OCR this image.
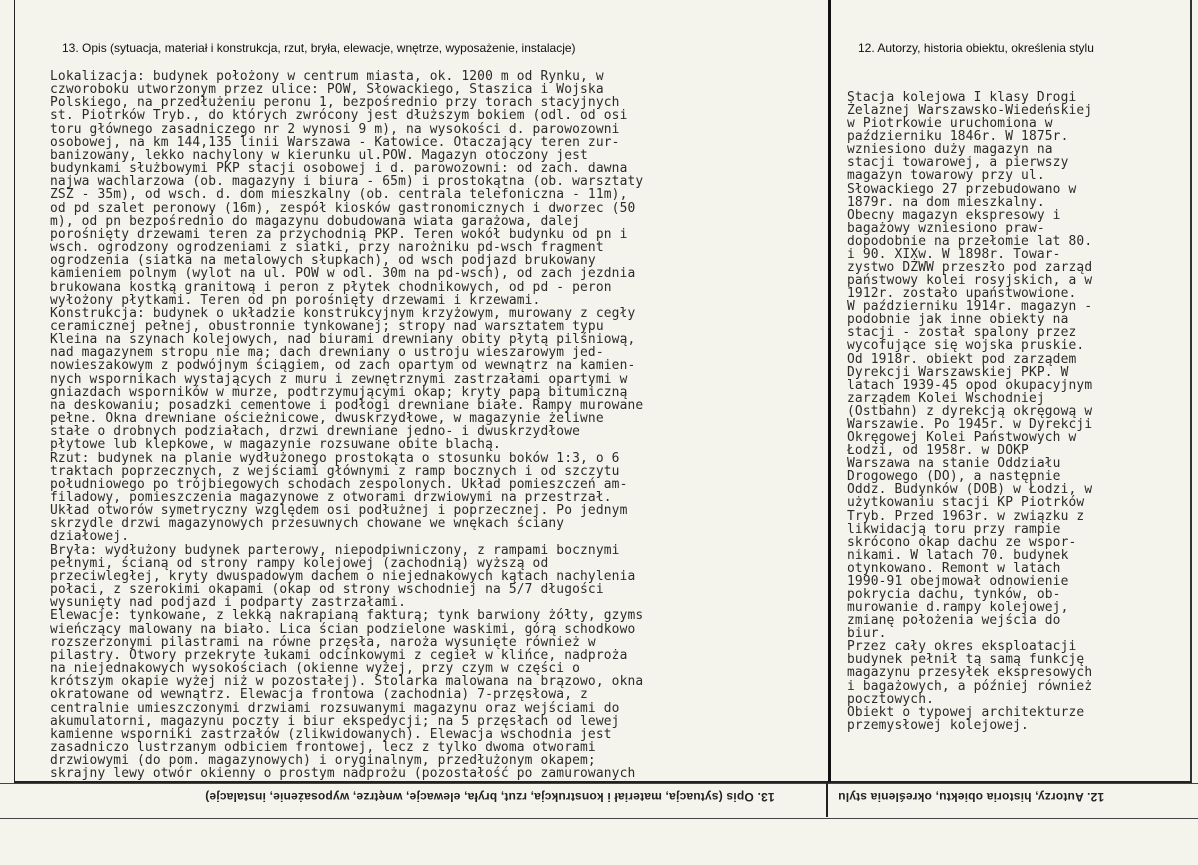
13. Opis (sytuacja, materiał i konstrukcja, rzut, bryła, elewacje, wnętrze, wyposażenie, instalacje)	12. Autorzy, historia obiektu, określenia stylu
Lokalizacja: budynek położony w centrum miasta, ok. 1200 m od Rynku, w
czworoboku utworzonym przez ulice: POW, Słowackiego, Staszica i Wojska
Polskiego, na przedłużeniu peronu 1, bezpośrednio przy torach stacyjnych
st. Piotrków Tryb., do których zwrócony jest dłuższym bokiem (odl. od osi
toru głównego zasadniczego nr 2 wynosi 9 m), na wysokości d. parowozowni
osobowej, na km 144,135 linii Warszawa - Katowice. Otaczający teren zur-
banizowany, lekko nachylony w kierunku ul.POW. Magazyn otoczony jest
budynkami służbowymi PKP stacji osobowej i d. parowozowni: od zach. dawna
najwa wachlarzowa (ob. magazyny i biura - 65m) i prostokątna (ob. warsztaty
ZSZ - 35m), od wsch. d. dom mieszkalny (ob. centrala telefoniczna - 11m),
od pd szalet peronowy (16m), zespół kiosków gastronomicznych i dworzec (50
m), od pn bezpośrednio do magazynu dobudowana wiata garażowa, dalej
porośnięty drzewami teren za przychodnią PKP. Teren wokół budynku od pn i
wsch. ogrodzony ogrodzeniami z siatki, przy narożniku pd-wsch fragment
ogrodzenia (siatka na metalowych słupkach), od wsch podjazd brukowany
kamieniem polnym (wylot na ul. POW w odl. 30m na pd-wsch), od zach jezdnia
brukowana kostką granitową i peron z płytek chodnikowych, od pd - peron
wyłożony płytkami. Teren od pn porośnięty drzewami i krzewami.
Konstrukcja: budynek o układzie konstrukcyjnym krzyżowym, murowany z cegły
ceramicznej pełnej, obustronnie tynkowanej; stropy nad warsztatem typu
Kleina na szynach kolejowych, nad biurami drewniany obity płytą pilśniową,
nad magazynem stropu nie ma; dach drewniany o ustroju wieszarowym jed-
nowieszakowym z podwójnym ściągiem, od zach opartym od wewnątrz na kamien-
nych wspornikach wystających z muru i zewnętrznymi zastrzałami opartymi w
gniazdach wsporników w murze, podtrzymującymi okap; kryty papą bitumiczną
na deskowaniu; posadzki cementowe i podłogi drewniane białe. Rampy murowane
pełne. Okna drewniane ościeżnicowe, dwuskrzydłowe, w magazynie żeliwne
stałe o drobnych podziałach, drzwi drewniane jedno- i dwuskrzydłowe
płytowe lub klepkowe, w magazynie rozsuwane obite blachą.
Rzut: budynek na planie wydłużonego prostokąta o stosunku boków 1:3, o 6
traktach poprzecznych, z wejściami głównymi z ramp bocznych i od szczytu
południowego po trójbiegowych schodach zespolonych. Układ pomieszczeń am-
filadowy, pomieszczenia magazynowe z otworami drzwiowymi na przestrzał.
Układ otworów symetryczny względem osi podłużnej i poprzecznej. Po jednym
skrzydle drzwi magazynowych przesuwnych chowane we wnękach ściany
działowej.
Bryła: wydłużony budynek parterowy, niepodpiwniczony, z rampami bocznymi
pełnymi, ścianą od strony rampy kolejowej (zachodnią) wyższą od
przeciwległej, kryty dwuspadowym dachem o niejednakowych kątach nachylenia
połaci, z szerokimi okapami (okap od strony wschodniej na 5/7 długości
wysunięty nad podjazd i podparty zastrzałami.
Elewacje: tynkowane, z lekką nakrapianą fakturą; tynk barwiony żółty, gzyms
wieńczący malowany na biało. Lica ścian podzielone waskimi, górą schodkowo
rozszerzonymi pilastrami na równe przęsła, naroża wysunięte również w
pilastry. Otwory przekryte łukami odcinkowymi z cegieł w klińce, nadproża
na niejednakowych wysokościach (okienne wyżej, przy czym w części o
krótszym okapie wyżej niż w pozostałej). Stolarka malowana na brązowo, okna
okratowane od wewnątrz. Elewacja frontowa (zachodnia) 7-przęsłowa, z
centralnie umieszczonymi drzwiami rozsuwanymi magazynu oraz wejściami do
akumulatorni, magazynu poczty i biur ekspedycji; na 5 przęsłach od lewej
kamienne wsporniki zastrzałów (zlikwidowanych). Elewacja wschodnia jest
zasadniczo lustrzanym odbiciem frontowej, lecz z tylko dwoma otworami
drzwiowymi (do pom. magazynowych) i oryginalnym, przedłużonym okapem;
skrajny lewy otwór okienny o prostym nadprożu (pozostałość po zamurowanych
Stacja kolejowa I klasy Drogi
Żelaznej Warszawsko-Wiedeńskiej
w Piotrkowie uruchomiona w
październiku 1846r. W 1875r.
wzniesiono duży magazyn na
stacji towarowej, a pierwszy
magazyn towarowy przy ul.
Słowackiego 27 przebudowano w
1879r. na dom mieszkalny.
Obecny magazyn ekspresowy i
bagażowy wzniesiono praw-
dopodobnie na przełomie lat 80.
i 90. XIXw. W 1898r. Towar-
zystwo DŻWW przeszło pod zarząd
państwowy kolei rosyjskich, a w
1912r. zostało upaństwowione.
W październiku 1914r. magazyn -
podobnie jak inne obiekty na
stacji - został spalony przez
wycofujące się wojska pruskie.
Od 1918r. obiekt pod zarządem
Dyrekcji Warszawskiej PKP. W
latach 1939-45 opod okupacyjnym
zarządem Kolei Wschodniej
(Ostbahn) z dyrekcją okręgową w
Warszawie. Po 1945r. w Dyrekcji
Okręgowej Kolei Państwowych w
Łodzi, od 1958r. w DOKP
Warszawa na stanie Oddziału
Drogowego (DO), a następnie
Oddz. Budynków (DOB) w Łodzi, w
użytkowaniu stacji KP Piotrków
Tryb. Przed 1963r. w związku z
likwidacją toru przy rampie
skrócono okap dachu ze wspor-
nikami. W latach 70. budynek
otynkowano. Remont w latach
1990-91 obejmował odnowienie
pokrycia dachu, tynków, ob-
murowanie d.rampy kolejowej,
zmianę położenia wejścia do
biur.
Przez cały okres eksploatacji
budynek pełnił tą samą funkcję
magazynu przesyłek ekspresowych
i bagażowych, a później również
pocztowych.
Obiekt o typowej architekturze
przemysłowej kolejowej.
13. Opis (sytuacja, materiał i konstrukcja, rzut, bryła, elewacje, wnętrze, wyposażenie, instalacje)	12. Autorzy, historia obiektu, określenia stylu
